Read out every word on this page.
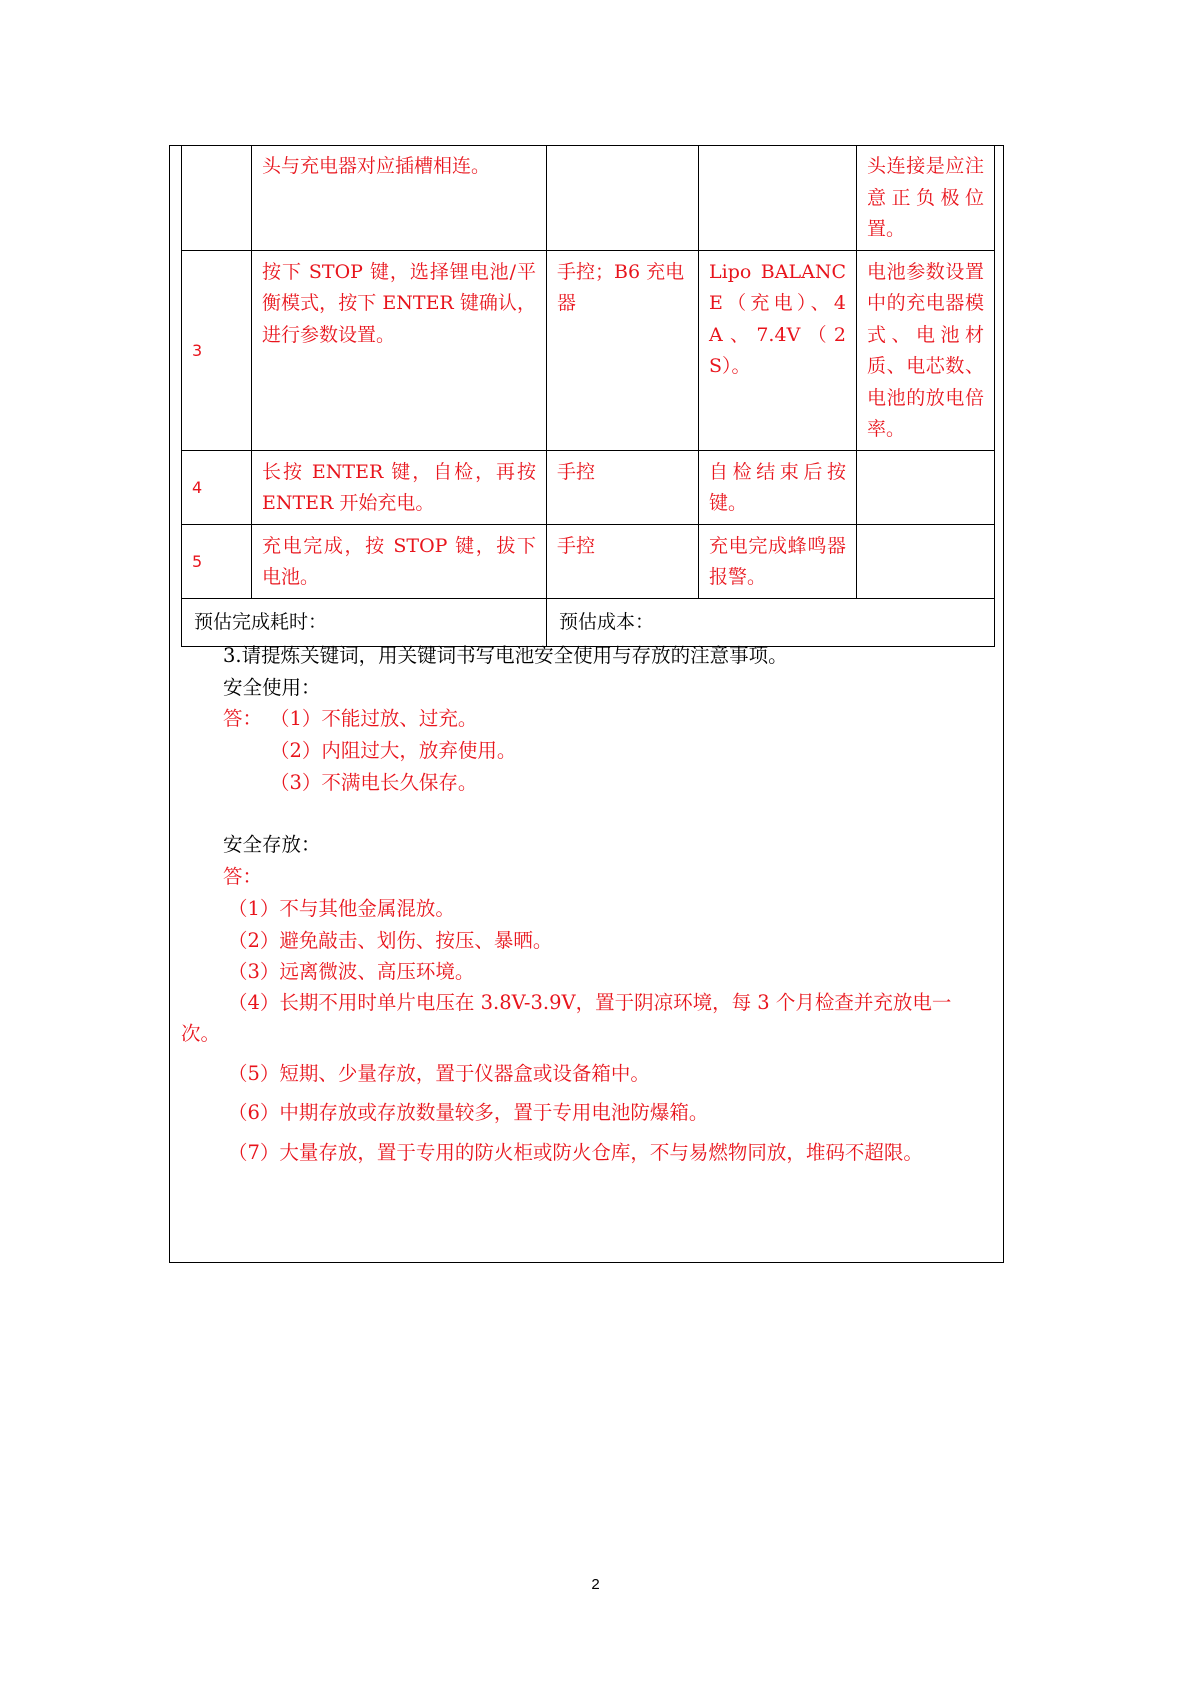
	头与充电器对应插槽相连。			头连接是应注意正负极位置。
3	按下 STOP 键，选择锂电池/平衡模式，按下 ENTER 键确认，进行参数设置。	手控；B6 充电器	Lipo BALANCE（充电）、4A、7.4V（2S）。	电池参数设置中的充电器模式、电池材质、电芯数、电池的放电倍率。
4	长按 ENTER 键，自检，再按 ENTER 开始充电。	手控	自检结束后按键。	
5	充电完成，按 STOP 键，拔下电池。	手控	充电完成蜂鸣器报警。	
预估完成耗时：		预估成本：		
3.请提炼关键词，用关键词书写电池安全使用与存放的注意事项。
安全使用：
答： （1）不能过放、过充。
（2）内阻过大，放弃使用。
（3）不满电长久保存。
安全存放：
答：
（1）不与其他金属混放。
（2）避免敲击、划伤、按压、暴晒。
（3）远离微波、高压环境。
（4）长期不用时单片电压在 3.8V-3.9V，置于阴凉环境，每 3 个月检查并充放电一
次。
（5）短期、少量存放，置于仪器盒或设备箱中。
（6）中期存放或存放数量较多，置于专用电池防爆箱。
（7）大量存放，置于专用的防火柜或防火仓库，不与易燃物同放，堆码不超限。
2
